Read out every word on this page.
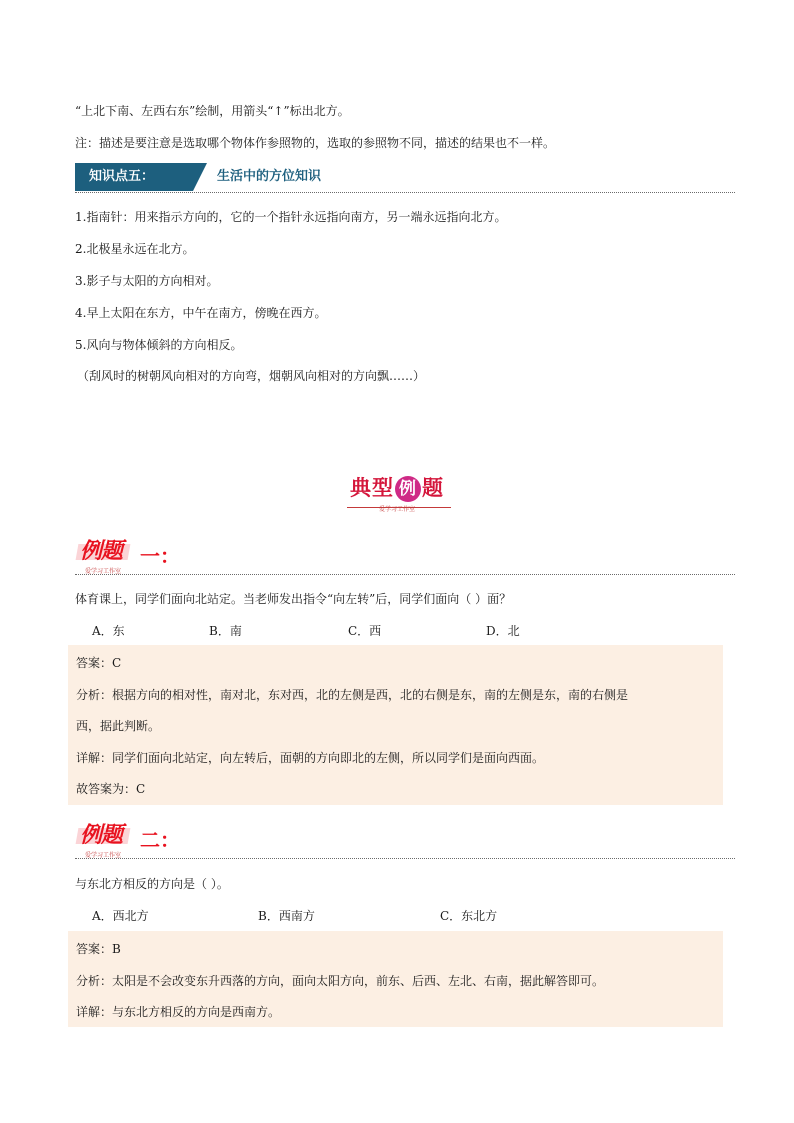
“上北下南、左西右东”绘制，用箭头“↑”标出北方。
注：描述是要注意是选取哪个物体作参照物的，选取的参照物不同，描述的结果也不一样。
知识点五：	生活中的方位知识
1.指南针：用来指示方向的，它的一个指针永远指向南方，另一端永远指向北方。
2.北极星永远在北方。
3.影子与太阳的方向相对。
4.早上太阳在东方，中午在南方，傍晚在西方。
5.风向与物体倾斜的方向相反。
（刮风时的树朝风向相对的方向弯，烟朝风向相对的方向飘……）
典型 例 题
爱学习工作室
例题 一：
爱学习工作室
体育课上，同学们面向北站定。当老师发出指令“向左转”后，同学们面向（ ）面？
A．东	B．南	C．西	D．北
答案：C
分析：根据方向的相对性，南对北，东对西，北的左侧是西，北的右侧是东，南的左侧是东，南的右侧是
西，据此判断。
详解：同学们面向北站定，向左转后，面朝的方向即北的左侧，所以同学们是面向西面。
故答案为：C
例题 二：
爱学习工作室
与东北方相反的方向是（ ）。
A．西北方	B．西南方	C．东北方
答案：B
分析：太阳是不会改变东升西落的方向，面向太阳方向，前东、后西、左北、右南，据此解答即可。
详解：与东北方相反的方向是西南方。
